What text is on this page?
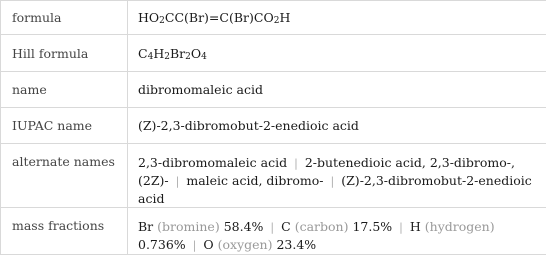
formula	HO 2 CC(Br)=C(Br)CO 2 H
Hill formula	C 4 H 2 Br 2 O 4
name	dibromomaleic acid
IUPAC name	(Z)-2,3-dibromobut-2-enedioic acid
alternate names	2,3-dibromomaleic acid | 2-butenedioic acid, 2,3-dibromo-,(2Z)- | maleic acid, dibromo- | (Z)-2,3-dibromobut-2-enedioic acid
mass fractions	Br (bromine) 58.4% | C (carbon) 17.5% | H (hydrogen) 0.736% | O (oxygen) 23.4%
